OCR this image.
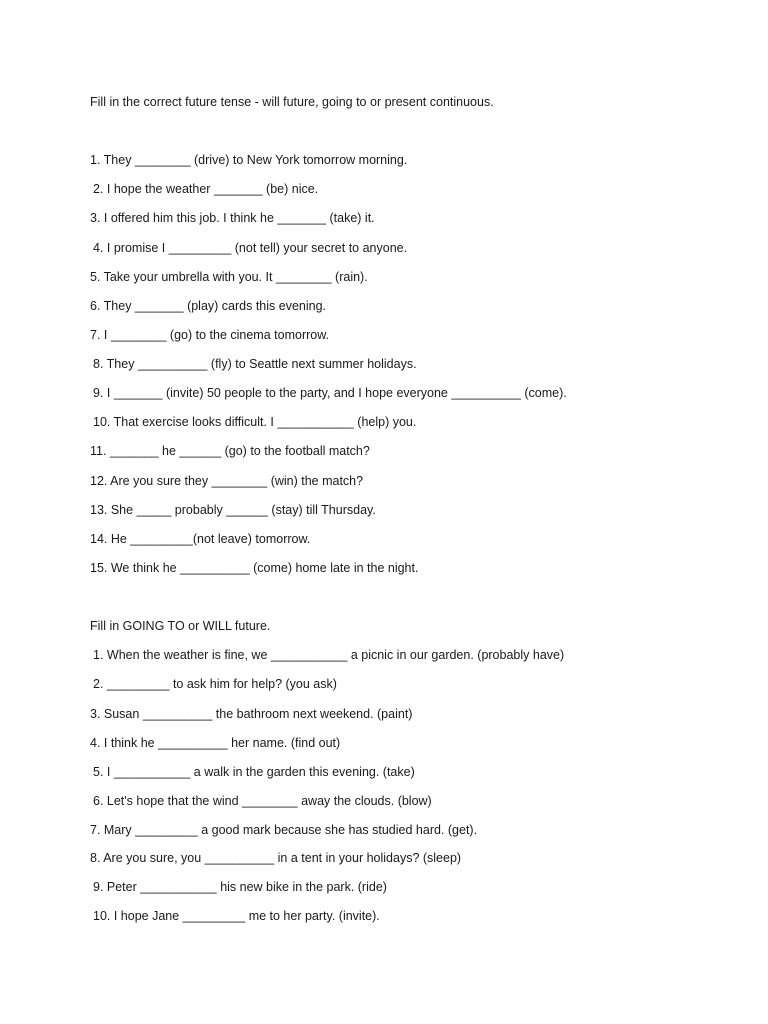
Fill in the correct future tense - will future, going to or present continuous.
1. They ________ (drive) to New York tomorrow morning.
2. I hope the weather _______ (be) nice.
3. I offered him this job. I think he _______ (take) it.
4. I promise I _________ (not tell) your secret to anyone.
5. Take your umbrella with you. It ________ (rain).
6. They _______ (play) cards this evening.
7. I ________ (go) to the cinema tomorrow.
8. They __________ (fly) to Seattle next summer holidays.
9. I _______ (invite) 50 people to the party, and I hope everyone __________ (come).
10. That exercise looks difficult. I ___________ (help) you.
11. _______ he ______ (go) to the football match?
12. Are you sure they ________ (win) the match?
13. She _____ probably ______ (stay) till Thursday.
14. He _________(not leave) tomorrow.
15. We think he __________ (come) home late in the night.
Fill in GOING TO or WILL future.
1. When the weather is fine, we ___________ a picnic in our garden. (probably have)
2. _________ to ask him for help? (you ask)
3. Susan __________ the bathroom next weekend. (paint)
4. I think he __________ her name. (find out)
5. I ___________ a walk in the garden this evening. (take)
6. Let's hope that the wind ________ away the clouds. (blow)
7. Mary _________ a good mark because she has studied hard. (get).
8. Are you sure, you __________ in a tent in your holidays? (sleep)
9. Peter ___________ his new bike in the park. (ride)
10. I hope Jane _________ me to her party. (invite).
